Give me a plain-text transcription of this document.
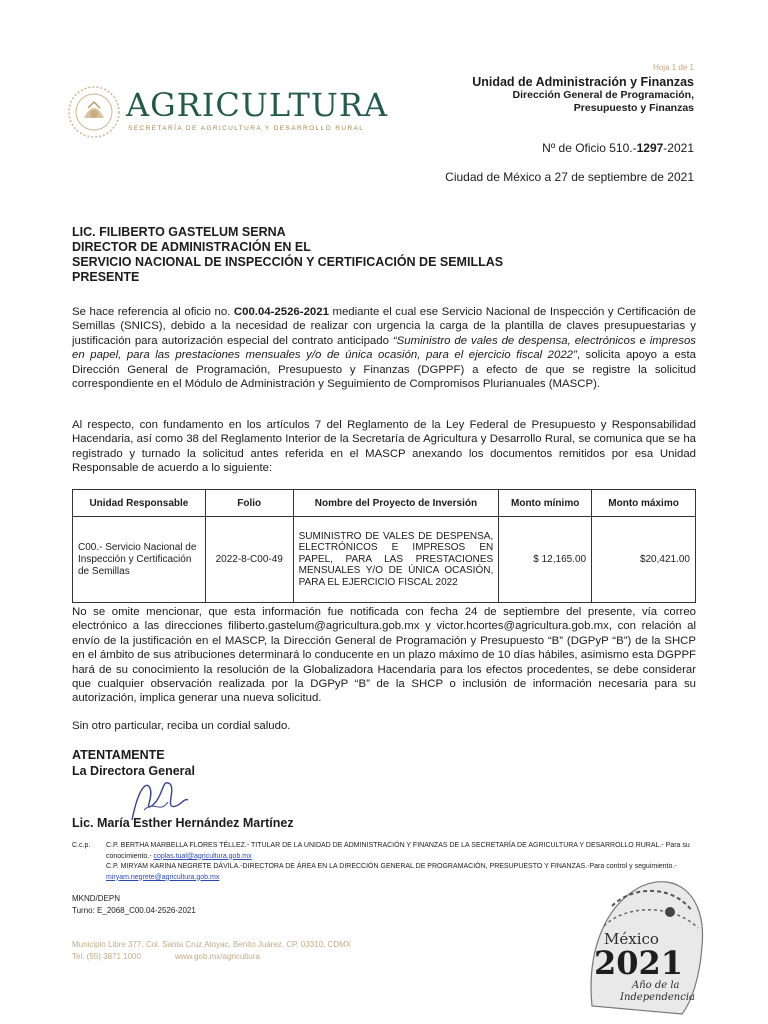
AGRICULTURA
SECRETARÍA DE AGRICULTURA Y DESARROLLO RURAL
Hoja 1 de 1
Unidad de Administración y Finanzas
Dirección General de Programación,
Presupuesto y Finanzas
Nº de Oficio 510.-1297-2021
Ciudad de México a 27 de septiembre de 2021
LIC. FILIBERTO GASTELUM SERNA
DIRECTOR DE ADMINISTRACIÓN EN EL
SERVICIO NACIONAL DE INSPECCIÓN Y CERTIFICACIÓN DE SEMILLAS
PRESENTE
Se hace referencia al oficio no. C00.04-2526-2021 mediante el cual ese Servicio Nacional de Inspección y Certificación de Semillas (SNICS), debido a la necesidad de realizar con urgencia la carga de la plantilla de claves presupuestarias y justificación para autorización especial del contrato anticipado “Suministro de vales de despensa, electrónicos e impresos en papel, para las prestaciones mensuales y/o de única ocasión, para el ejercicio fiscal 2022”, solicita apoyo a esta Dirección General de Programación, Presupuesto y Finanzas (DGPPF) a efecto de que se registre la solicitud correspondiente en el Módulo de Administración y Seguimiento de Compromisos Plurianuales (MASCP).
Al respecto, con fundamento en los artículos 7 del Reglamento de la Ley Federal de Presupuesto y Responsabilidad Hacendaria, así como 38 del Reglamento Interior de la Secretaría de Agricultura y Desarrollo Rural, se comunica que se ha registrado y turnado la solicitud antes referida en el MASCP anexando los documentos remitidos por esa Unidad Responsable de acuerdo a lo siguiente:
Unidad Responsable	Folio	Nombre del Proyecto de Inversión	Monto mínimo	Monto máximo
C00.- Servicio Nacional de Inspección y Certificación de Semillas	2022-8-C00-49	SUMINISTRO DE VALES DE DESPENSA, ELECTRÓNICOS E IMPRESOS EN PAPEL, PARA LAS PRESTACIONES MENSUALES Y/O DE ÚNICA OCASIÓN, PARA EL EJERCICIO FISCAL 2022	$ 12,165.00	$20,421.00
No se omite mencionar, que esta información fue notificada con fecha 24 de septiembre del presente, vía correo electrónico a las direcciones filiberto.gastelum@agricultura.gob.mx y victor.hcortes@agricultura.gob.mx, con relación al envío de la justificación en el MASCP, la Dirección General de Programación y Presupuesto “B” (DGPyP “B”) de la SHCP en el ámbito de sus atribuciones determinará lo conducente en un plazo máximo de 10 días hábiles, asimismo esta DGPPF hará de su conocimiento la resolución de la Globalizadora Hacendaria para los efectos procedentes, se debe considerar que cualquier observación realizada por la DGPyP “B” de la SHCP o inclusión de información necesaria para su autorización, implica generar una nueva solicitud.
Sin otro particular, reciba un cordial saludo.
ATENTAMENTE
La Directora General
Lic. María Esther Hernández Martínez
C.c.p. C.P. BERTHA MARBELLA FLORES TÉLLEZ.- TITULAR DE LA UNIDAD DE ADMINISTRACIÓN Y FINANZAS DE LA SECRETARÍA DE AGRICULTURA Y DESARROLLO RURAL.- Para su conocimiento.- coplas.tual@agricultura.gob.mx
C.P. MIRYAM KARINA NEGRETE DÁVILA.-DIRECTORA DE ÁREA EN LA DIRECCIÓN GENERAL DE PROGRAMACIÓN, PRESUPUESTO Y FINANZAS.-Para control y seguimiento.- miryam.negrete@agricultura.gob.mx
MKND/DEPN
Turno: E_2068_C00.04-2526-2021
Municipio Libre 377, Col. Santa Cruz Atoyac, Benito Juárez, CP. 03310, CDMX
Tel. (55) 3871 1000	www.gob.mx/agricultura
México
2021
Año de la
Independencia
